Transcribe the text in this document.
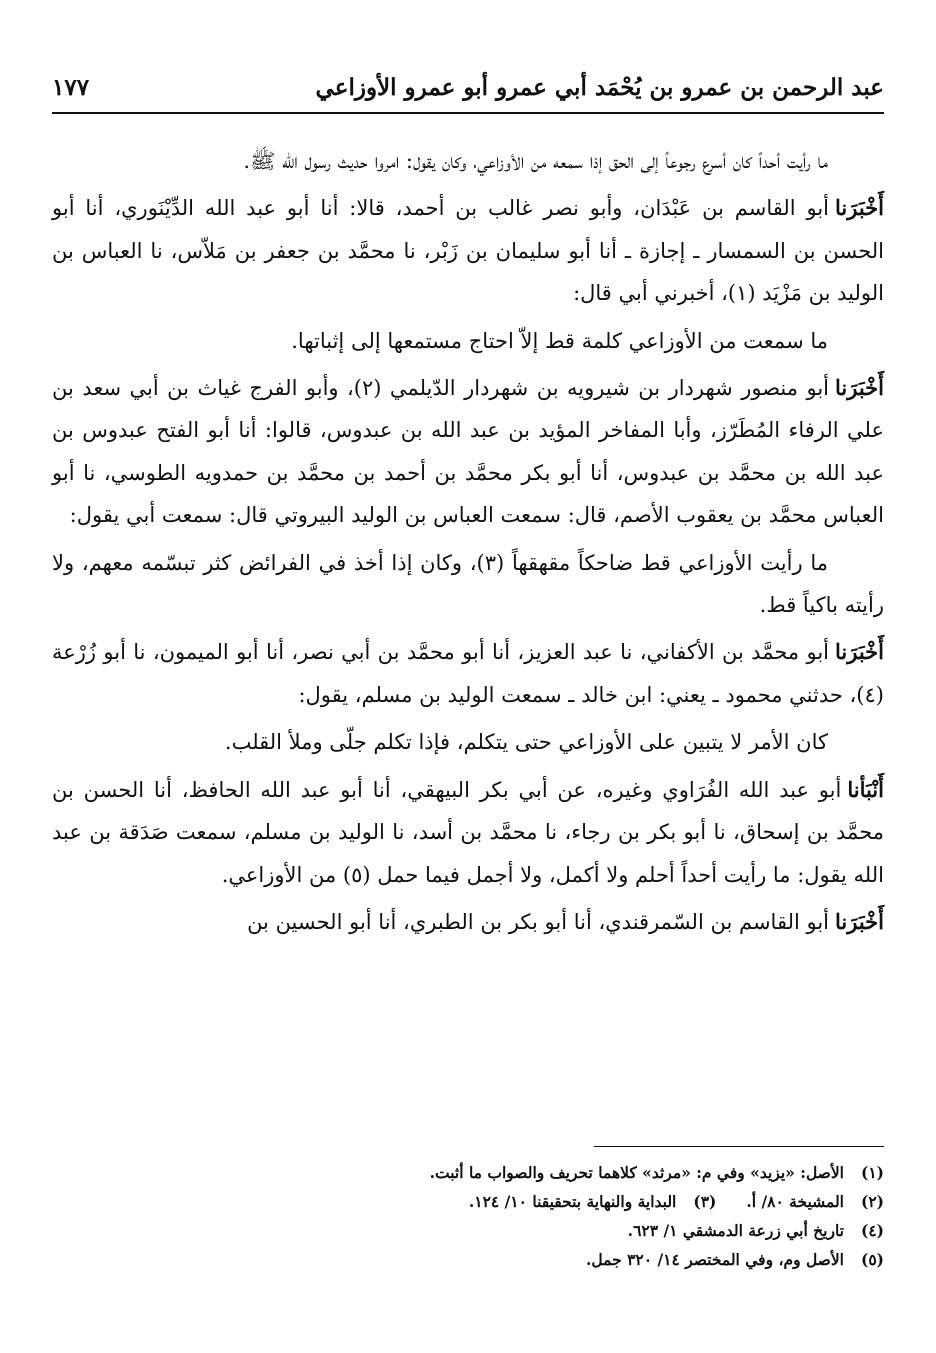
عبد الرحمن بن عمرو بن يُحْمَد أبي عمرو أبو عمرو الأوزاعي
١٧٧

ما رأيت أحداً كان أسرع رجوعاً إلى الحق إذا سمعه من الأوزاعي، وكان يقول: امروا حديث رسول الله ﷺ.

أَخْبَرَناأبو القاسم بن عَبْدَان، وأبو نصر غالب بن أحمد، قالا: أنا أبو عبد الله الدِّيْنَوري، أنا أبو الحسن بن السمسار ـ إجازة ـ أنا أبو سليمان بن زَبْر، نا محمَّد بن جعفر بن مَلاّس، نا العباس بن الوليد بن مَزْيَد (١)، أخبرني أبي قال:

ما سمعت من الأوزاعي كلمة قط إلاّ احتاج مستمعها إلى إثباتها.

أَخْبَرَناأبو منصور شهردار بن شيرويه بن شهردار الدّيلمي (٢)، وأبو الفرج غياث بن أبي سعد بن علي الرفاء المُطَرّز، وأبا المفاخر المؤيد بن عبد الله بن عبدوس، قالوا: أنا أبو الفتح عبدوس بن عبد الله بن محمَّد بن عبدوس، أنا أبو بكر محمَّد بن أحمد بن محمَّد بن حمدويه الطوسي، نا أبو العباس محمَّد بن يعقوب الأصم، قال: سمعت العباس بن الوليد البيروتي قال: سمعت أبي يقول:

ما رأيت الأوزاعي قط ضاحكاً مقهقهاً (٣)، وكان إذا أخذ في الفرائض كثر تبسّمه معهم، ولا رأيته باكياً قط.

أَخْبَرَناأبو محمَّد بن الأكفاني، نا عبد العزيز، أنا أبو محمَّد بن أبي نصر، أنا أبو الميمون، نا أبو زُرْعة (٤)، حدثني محمود ـ يعني: ابن خالد ـ سمعت الوليد بن مسلم، يقول:

كان الأمر لا يتبين على الأوزاعي حتى يتكلم، فإذا تكلم جلّى وملأ القلب.

أَنْبَأناأبو عبد الله الفُرَاوي وغيره، عن أبي بكر البيهقي، أنا أبو عبد الله الحافظ، أنا الحسن بن محمَّد بن إسحاق، نا أبو بكر بن رجاء، نا محمَّد بن أسد، نا الوليد بن مسلم، سمعت صَدَقة بن عبد الله يقول: ما رأيت أحداً أحلم ولا أكمل، ولا أجمل فيما حمل (٥) من الأوزاعي.

أَخْبَرَناأبو القاسم بن السّمرقندي، أنا أبو بكر بن الطبري، أنا أبو الحسين بن

(١)الأصل: «يزيد» وفي م: «مرثد» كلاهما تحريف والصواب ما أثبت.
(٢)المشيخة ٨٠/ أ.(٣)البداية والنهاية بتحقيقنا ١٠/ ١٢٤.
(٤)تاريخ أبي زرعة الدمشقي ١/ ٦٢٣.
(٥)الأصل وم، وفي المختصر ١٤/ ٣٢٠ جمل.
